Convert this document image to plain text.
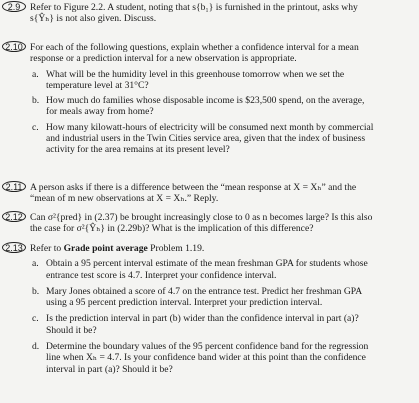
2.9	Refer to Figure 2.2. A student, noting that s{b₁} is furnished in the printout, asks why
s{Ŷₕ} is not also given. Discuss.
2.10 For each of the following questions, explain whether a confidence interval for a mean
response or a prediction interval for a new observation is appropriate.
a. What will be the humidity level in this greenhouse tomorrow when we set the
temperature level at 31°C?
b. How much do families whose disposable income is $23,500 spend, on the average,
for meals away from home?
c. How many kilowatt-hours of electricity will be consumed next month by commercial
and industrial users in the Twin Cities service area, given that the index of business
activity for the area remains at its present level?
2.11 A person asks if there is a difference between the “mean response at X = Xₕ” and the
“mean of m new observations at X = Xₕ.” Reply.
2.12 Can σ²{pred} in (2.37) be brought increasingly close to 0 as n becomes large? Is this also
the case for σ²{Ŷₕ} in (2.29b)? What is the implication of this difference?
2.13 Refer to Grade point average Problem 1.19.
a. Obtain a 95 percent interval estimate of the mean freshman GPA for students whose
entrance test score is 4.7. Interpret your confidence interval.
b. Mary Jones obtained a score of 4.7 on the entrance test. Predict her freshman GPA
using a 95 percent prediction interval. Interpret your prediction interval.
c. Is the prediction interval in part (b) wider than the confidence interval in part (a)?
Should it be?
d. Determine the boundary values of the 95 percent confidence band for the regression
line when Xₕ = 4.7. Is your confidence band wider at this point than the confidence
interval in part (a)? Should it be?
